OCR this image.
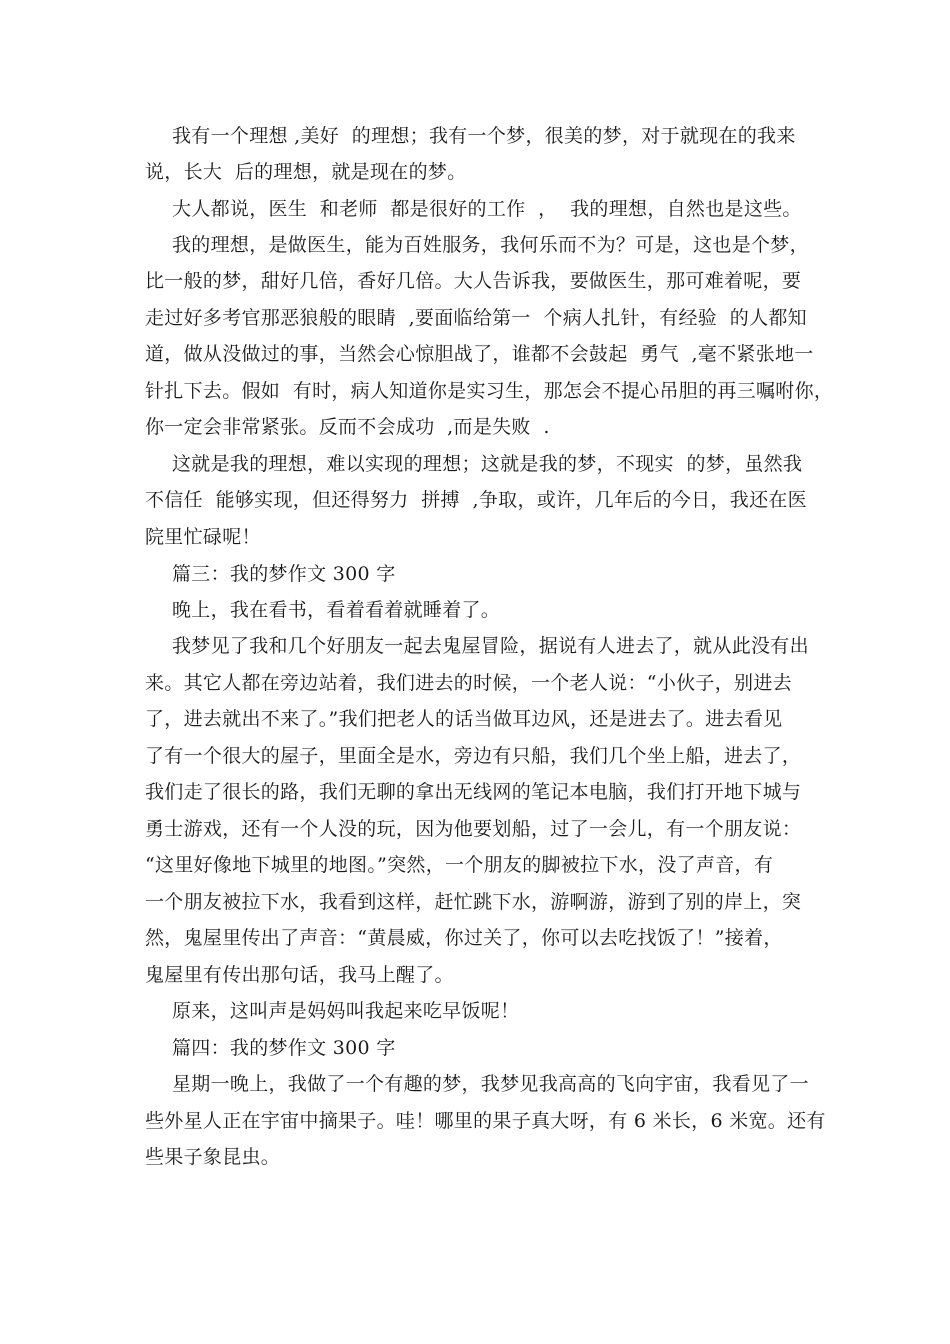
我有一个理想 ,美好  的理想；我有一个梦，很美的梦，对于就现在的我来
说，长大  后的理想，就是现在的梦。
大人都说，医生  和老师  都是很好的工作  ，  我的理想，自然也是这些。
我的理想，是做医生，能为百姓服务，我何乐而不为？可是，这也是个梦，
比一般的梦，甜好几倍，香好几倍。大人告诉我，要做医生，那可难着呢，要
走过好多考官那恶狼般的眼睛  ,要面临给第一  个病人扎针，有经验  的人都知
道，做从没做过的事，当然会心惊胆战了，谁都不会鼓起  勇气  ,毫不紧张地一
针扎下去。假如  有时，病人知道你是实习生，那怎会不提心吊胆的再三嘱咐你，
你一定会非常紧张。反而不会成功  ,而是失败  .
这就是我的理想，难以实现的理想；这就是我的梦，不现实  的梦，虽然我
不信任  能够实现，但还得努力  拼搏  ,争取，或许，几年后的今日，我还在医
院里忙碌呢！
篇三：我的梦作文 300 字
晚上，我在看书，看着看着就睡着了。
我梦见了我和几个好朋友一起去鬼屋冒险，据说有人进去了，就从此没有出
来。其它人都在旁边站着，我们进去的时候，一个老人说：“小伙子，别进去
了，进去就出不来了。”我们把老人的话当做耳边风，还是进去了。进去看见
了有一个很大的屋子，里面全是水，旁边有只船，我们几个坐上船，进去了，
我们走了很长的路，我们无聊的拿出无线网的笔记本电脑，我们打开地下城与
勇士游戏，还有一个人没的玩，因为他要划船，过了一会儿，有一个朋友说：
“这里好像地下城里的地图。”突然，一个朋友的脚被拉下水，没了声音，有
一个朋友被拉下水，我看到这样，赶忙跳下水，游啊游，游到了别的岸上，突
然，鬼屋里传出了声音：“黄晨威，你过关了，你可以去吃找饭了！”接着，
鬼屋里有传出那句话，我马上醒了。
原来，这叫声是妈妈叫我起来吃早饭呢！
篇四：我的梦作文 300 字
星期一晚上，我做了一个有趣的梦，我梦见我高高的飞向宇宙，我看见了一
些外星人正在宇宙中摘果子。哇！哪里的果子真大呀，有 6 米长，6 米宽。还有
些果子象昆虫。
